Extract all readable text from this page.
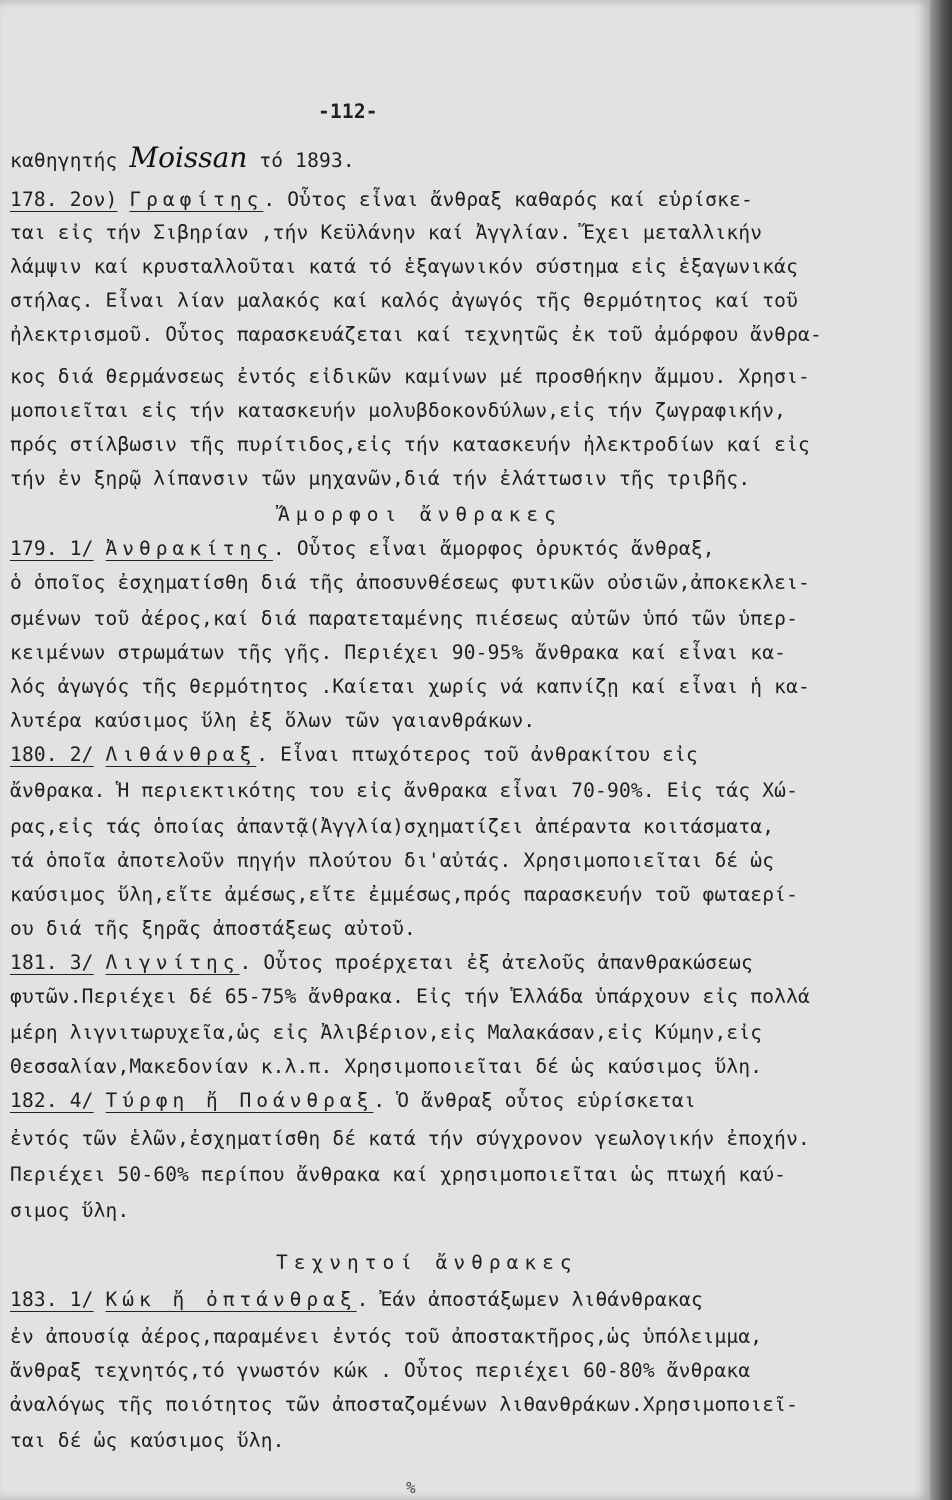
-112-
καθηγητής Moissan τό 1893.
178. 2ον) Γραφίτης. Οὗτος εἶναι ἄνθραξ καθαρός καί εὑρίσκε-
ται εἰς τήν Σιβηρίαν ,τήν Κεϋλάνην καί Ἀγγλίαν. Ἔχει μεταλλικήν
λάμψιν καί κρυσταλλοῦται κατά τό ἑξαγωνικόν σύστημα εἰς ἑξαγωνικάς
στήλας. Εἶναι λίαν μαλακός καί καλός ἀγωγός τῆς θερμότητος καί τοῦ
ἠλεκτρισμοῦ. Οὗτος παρασκευάζεται καί τεχνητῶς ἐκ τοῦ ἀμόρφου ἄνθρα-
κος διά θερμάνσεως ἐντός εἰδικῶν καμίνων μέ προσθήκην ἄμμου. Χρησι-
μοποιεῖται εἰς τήν κατασκευήν μολυβδοκονδύλων,εἰς τήν ζωγραφικήν,
πρός στίλβωσιν τῆς πυρίτιδος,εἰς τήν κατασκευήν ἠλεκτροδίων καί εἰς
τήν ἐν ξηρῷ λίπανσιν τῶν μηχανῶν,διά τήν ἐλάττωσιν τῆς τριβῆς.
Ἄμορφοι ἄνθρακες
179. 1/ Ἀνθρακίτης. Οὗτος εἶναι ἄμορφος ὀρυκτός ἄνθραξ,
ὁ ὁποῖος ἐσχηματίσθη διά τῆς ἀποσυνθέσεως φυτικῶν οὐσιῶν,ἀποκεκλει-
σμένων τοῦ ἀέρος,καί διά παρατεταμένης πιέσεως αὐτῶν ὑπό τῶν ὑπερ-
κειμένων στρωμάτων τῆς γῆς. Περιέχει 90-95% ἄνθρακα καί εἶναι κα-
λός ἀγωγός τῆς θερμότητος .Καίεται χωρίς νά καπνίζῃ καί εἶναι ἡ κα-
λυτέρα καύσιμος ὕλη ἐξ ὅλων τῶν γαιανθράκων.
180. 2/ Λιθάνθραξ. Εἶναι πτωχότερος τοῦ ἀνθρακίτου εἰς
ἄνθρακα. Ἡ περιεκτικότης του εἰς ἄνθρακα εἶναι 70-90%. Εἰς τάς Χώ-
ρας,εἰς τάς ὁποίας ἀπαντᾷ(Ἀγγλία)σχηματίζει ἀπέραντα κοιτάσματα,
τά ὁποῖα ἀποτελοῦν πηγήν πλούτου δι'αὐτάς. Χρησιμοποιεῖται δέ ὡς
καύσιμος ὕλη,εἴτε ἀμέσως,εἴτε ἐμμέσως,πρός παρασκευήν τοῦ φωταερί-
ου διά τῆς ξηρᾶς ἀποστάξεως αὐτοῦ.
181. 3/ Λιγνίτης. Οὗτος προέρχεται ἐξ ἀτελοῦς ἀπανθρακώσεως
φυτῶν.Περιέχει δέ 65-75% ἄνθρακα. Εἰς τήν Ἑλλάδα ὑπάρχουν εἰς πολλά
μέρη λιγνιτωρυχεῖα,ὡς εἰς Ἀλιβέριον,εἰς Μαλακάσαν,εἰς Κύμην,εἰς
Θεσσαλίαν,Μακεδονίαν κ.λ.π. Χρησιμοποιεῖται δέ ὡς καύσιμος ὕλη.
182. 4/ Τύρφη ἤ Ποάνθραξ. Ὁ ἄνθραξ οὗτος εὑρίσκεται
ἐντός τῶν ἑλῶν,ἐσχηματίσθη δέ κατά τήν σύγχρονον γεωλογικήν ἐποχήν.
Περιέχει 50-60% περίπου ἄνθρακα καί χρησιμοποιεῖται ὡς πτωχή καύ-
σιμος ὕλη.
Τεχνητοί ἄνθρακες
183. 1/ Κώκ ἤ ὀπτάνθραξ. Ἐάν ἀποστάξωμεν λιθάνθρακας
ἐν ἀπουσίᾳ ἀέρος,παραμένει ἐντός τοῦ ἀποστακτῆρος,ὡς ὑπόλειμμα,
ἄνθραξ τεχνητός,τό γνωστόν κώκ . Οὗτος περιέχει 60-80% ἄνθρακα
ἀναλόγως τῆς ποιότητος τῶν ἀποσταζομένων λιθανθράκων.Χρησιμοποιεῖ-
ται δέ ὡς καύσιμος ὕλη.
%
